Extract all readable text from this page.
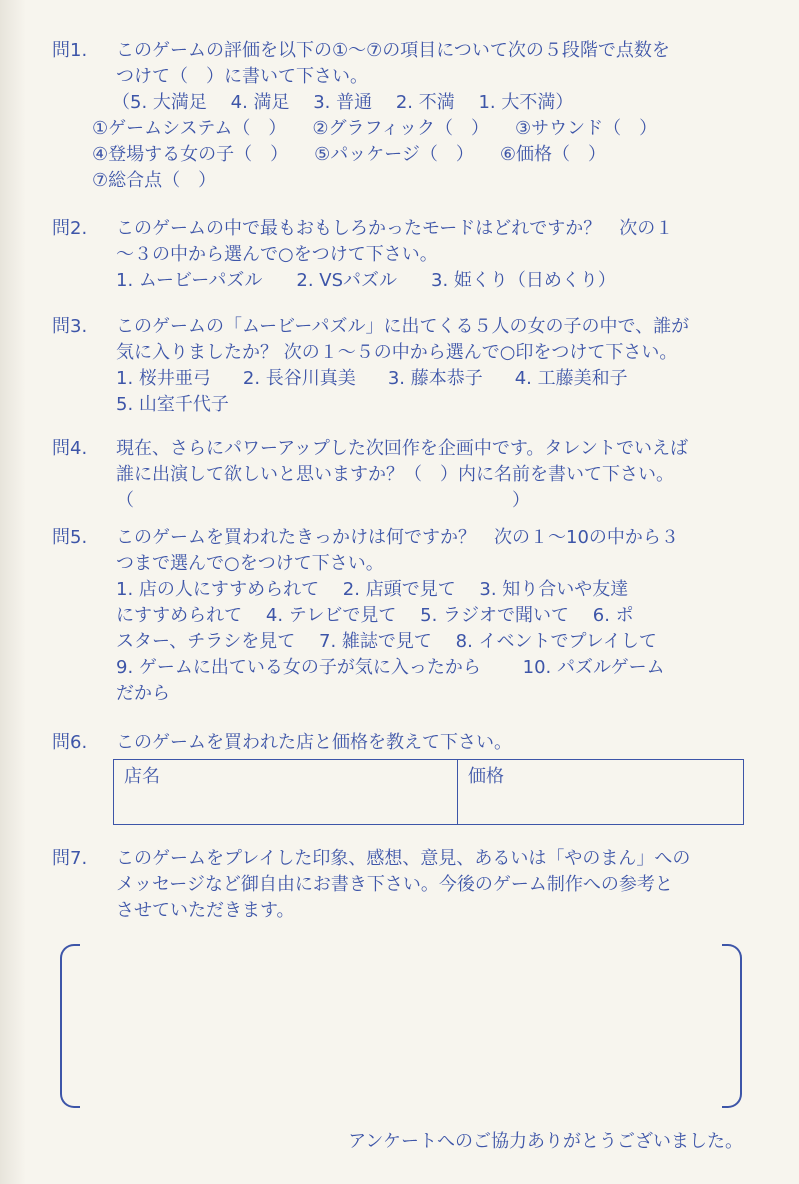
問1.	このゲームの評価を以下の①〜⑦の項目について次の５段階で点数を
つけて（　）に書いて下さい。
（5. 大満足　 4. 満足　 3. 普通　 2. 不満　 1. 大不満）
①ゲームシステム（　） ②グラフィック（　） ③サウンド（　）
④登場する女の子（　） ⑤パッケージ（　） ⑥価格（　）
⑦総合点（　）
問2.	このゲームの中で最もおもしろかったモードはどれですか？　次の１
〜３の中から選んで○をつけて下さい。
1. ムービーパズル 2. VSパズル 3. 姫くり（日めくり）
問3.	このゲームの「ムービーパズル」に出てくる５人の女の子の中で、誰が
気に入りましたか？ 次の１〜５の中から選んで○印をつけて下さい。
1. 桜井亜弓 2. 長谷川真美 3. 藤本恭子 4. 工藤美和子
5. 山室千代子
問4.	現在、さらにパワーアップした次回作を企画中です。タレントでいえば
誰に出演して欲しいと思いますか？（　）内に名前を書いて下さい。
（　　　　　　　　　　　　　　　　　　　　　）
問5.	このゲームを買われたきっかけは何ですか？　次の１〜10の中から３
つまで選んで○をつけて下さい。
1. 店の人にすすめられて　 2. 店頭で見て　 3. 知り合いや友達
にすすめられて　 4. テレビで見て　 5. ラジオで聞いて　 6. ポ
スター、チラシを見て　 7. 雑誌で見て　 8. イベントでプレイして
9. ゲームに出ている女の子が気に入ったから　　 10. パズルゲーム
だから
問6.	このゲームを買われた店と価格を教えて下さい。
店名	価格
問7.	このゲームをプレイした印象、感想、意見、あるいは「やのまん」への
メッセージなど御自由にお書き下さい。今後のゲーム制作への参考と
させていただきます。
アンケートへのご協力ありがとうございました。
